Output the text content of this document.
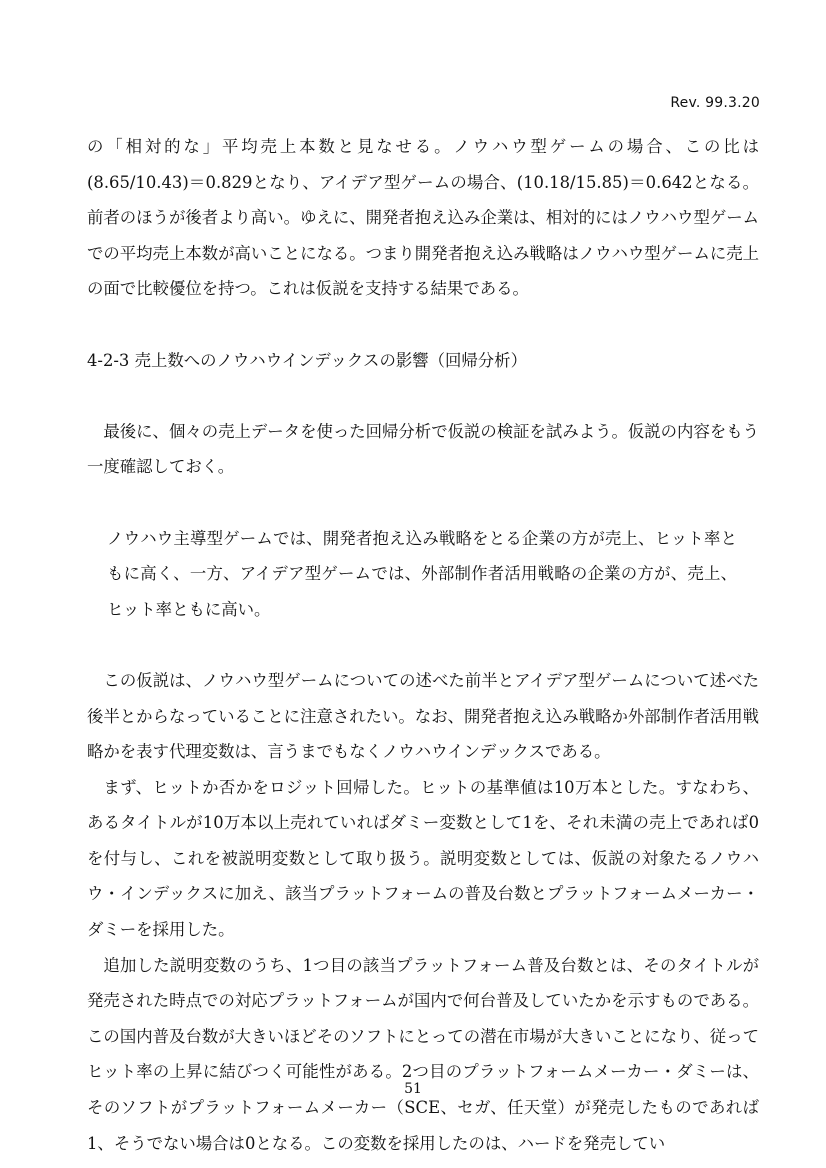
Rev. 99.3.20

の「相対的な」平均売上本数と見なせる。ノウハウ型ゲームの場合、この比は(8.65/10.43)＝0.829となり、アイデア型ゲームの場合、(10.18/15.85)＝0.642となる。前者のほうが後者より高い。ゆえに、開発者抱え込み企業は、相対的にはノウハウ型ゲームでの平均売上本数が高いことになる。つまり開発者抱え込み戦略はノウハウ型ゲームに売上の面で比較優位を持つ。これは仮説を支持する結果である。

4-2-3 売上数へのノウハウインデックスの影響（回帰分析）

最後に、個々の売上データを使った回帰分析で仮説の検証を試みよう。仮説の内容をもう一度確認しておく。

ノウハウ主導型ゲームでは、開発者抱え込み戦略をとる企業の方が売上、ヒット率ともに高く、一方、アイデア型ゲームでは、外部制作者活用戦略の企業の方が、売上、ヒット率ともに高い。

この仮説は、ノウハウ型ゲームについての述べた前半とアイデア型ゲームについて述べた後半とからなっていることに注意されたい。なお、開発者抱え込み戦略か外部制作者活用戦略かを表す代理変数は、言うまでもなくノウハウインデックスである。

まず、ヒットか否かをロジット回帰した。ヒットの基準値は10万本とした。すなわち、あるタイトルが10万本以上売れていればダミー変数として1を、それ未満の売上であれば0を付与し、これを被説明変数として取り扱う。説明変数としては、仮説の対象たるノウハウ・インデックスに加え、該当プラットフォームの普及台数とプラットフォームメーカー・ダミーを採用した。

追加した説明変数のうち、1つ目の該当プラットフォーム普及台数とは、そのタイトルが発売された時点での対応プラットフォームが国内で何台普及していたかを示すものである。この国内普及台数が大きいほどそのソフトにとっての潜在市場が大きいことになり、従ってヒット率の上昇に結びつく可能性がある。2つ目のプラットフォームメーカー・ダミーは、そのソフトがプラットフォームメーカー（SCE、セガ、任天堂）が発売したものであれば1、そうでない場合は0となる。この変数を採用したのは、ハードを発売してい

51
